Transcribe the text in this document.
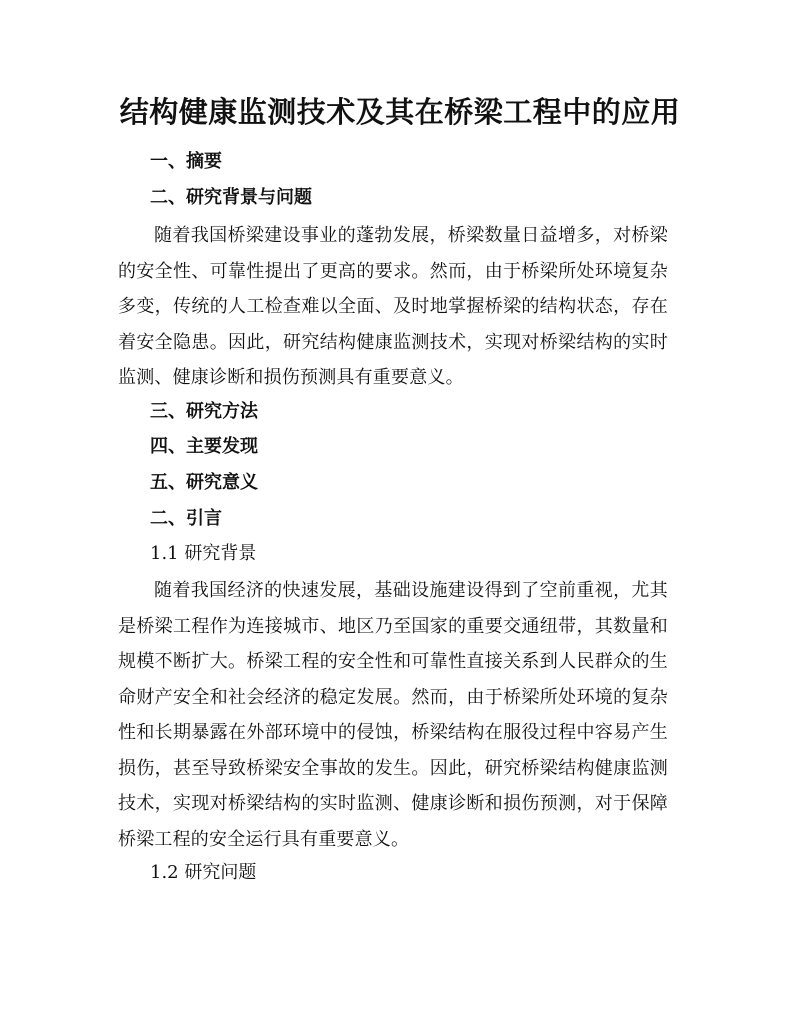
结构健康监测技术及其在桥梁工程中的应用
一、摘要
二、研究背景与问题
随着我国桥梁建设事业的蓬勃发展，桥梁数量日益增多，对桥梁的安全性、可靠性提出了更高的要求。然而，由于桥梁所处环境复杂多变，传统的人工检查难以全面、及时地掌握桥梁的结构状态，存在着安全隐患。因此，研究结构健康监测技术，实现对桥梁结构的实时监测、健康诊断和损伤预测具有重要意义。
三、研究方法
四、主要发现
五、研究意义
二、引言
1.1 研究背景
随着我国经济的快速发展，基础设施建设得到了空前重视，尤其是桥梁工程作为连接城市、地区乃至国家的重要交通纽带，其数量和规模不断扩大。桥梁工程的安全性和可靠性直接关系到人民群众的生命财产安全和社会经济的稳定发展。然而，由于桥梁所处环境的复杂性和长期暴露在外部环境中的侵蚀，桥梁结构在服役过程中容易产生损伤，甚至导致桥梁安全事故的发生。因此，研究桥梁结构健康监测技术，实现对桥梁结构的实时监测、健康诊断和损伤预测，对于保障桥梁工程的安全运行具有重要意义。
1.2 研究问题
